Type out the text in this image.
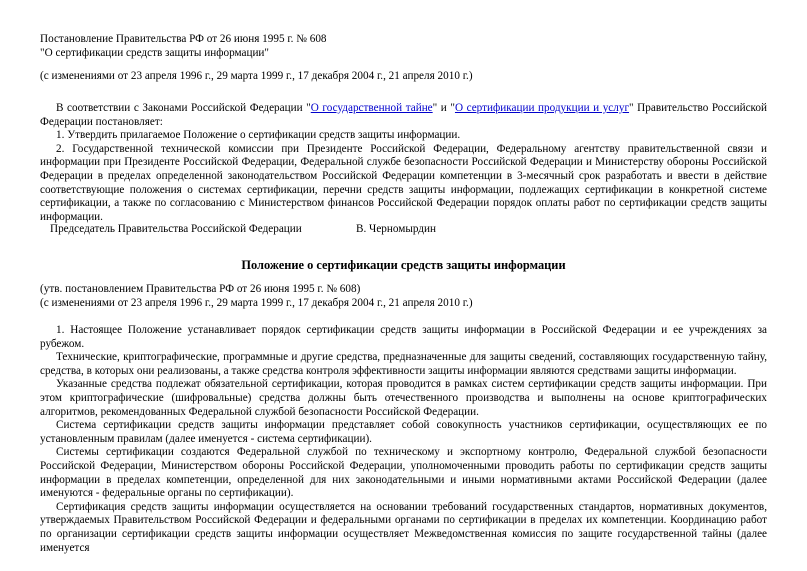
Постановление Правительства РФ от 26 июня 1995 г. № 608
"О сертификации средств защиты информации"
(с изменениями от 23 апреля 1996 г., 29 марта 1999 г., 17 декабря 2004 г., 21 апреля 2010 г.)

В соответствии с Законами Российской Федерации "О государственной тайне" и "О сертификации продукции и услуг" Правительство Российской Федерации постановляет:

1. Утвердить прилагаемое Положение о сертификации средств защиты информации.

2. Государственной технической комиссии при Президенте Российской Федерации, Федеральному агентству правительственной связи и информации при Президенте Российской Федерации, Федеральной службе безопасности Российской Федерации и Министерству обороны Российской Федерации в пределах определенной законодательством Российской Федерации компетенции в 3-месячный срок разработать и ввести в действие соответствующие положения о системах сертификации, перечни средств защиты информации, подлежащих сертификации в конкретной системе сертификации, а также по согласованию с Министерством финансов Российской Федерации порядок оплаты работ по сертификации средств защиты информации.

Председатель Правительства Российской Федерации	В. Черномырдин
Положение о сертификации средств защиты информации
(утв. постановлением Правительства РФ от 26 июня 1995 г. № 608)
(с изменениями от 23 апреля 1996 г., 29 марта 1999 г., 17 декабря 2004 г., 21 апреля 2010 г.)

1. Настоящее Положение устанавливает порядок сертификации средств защиты информации в Российской Федерации и ее учреждениях за рубежом.

Технические, криптографические, программные и другие средства, предназначенные для защиты сведений, составляющих государственную тайну, средства, в которых они реализованы, а также средства контроля эффективности защиты информации являются средствами защиты информации.

Указанные средства подлежат обязательной сертификации, которая проводится в рамках систем сертификации средств защиты информации. При этом криптографические (шифровальные) средства должны быть отечественного производства и выполнены на основе криптографических алгоритмов, рекомендованных Федеральной службой безопасности Российской Федерации.

Система сертификации средств защиты информации представляет собой совокупность участников сертификации, осуществляющих ее по установленным правилам (далее именуется - система сертификации).

Системы сертификации создаются Федеральной службой по техническому и экспортному контролю, Федеральной службой безопасности Российской Федерации, Министерством обороны Российской Федерации, уполномоченными проводить работы по сертификации средств защиты информации в пределах компетенции, определенной для них законодательными и иными нормативными актами Российской Федерации (далее именуются - федеральные органы по сертификации).

Сертификация средств защиты информации осуществляется на основании требований государственных стандартов, нормативных документов, утверждаемых Правительством Российской Федерации и федеральными органами по сертификации в пределах их компетенции. Координацию работ по организации сертификации средств защиты информации осуществляет Межведомственная комиссия по защите государственной тайны (далее именуется
